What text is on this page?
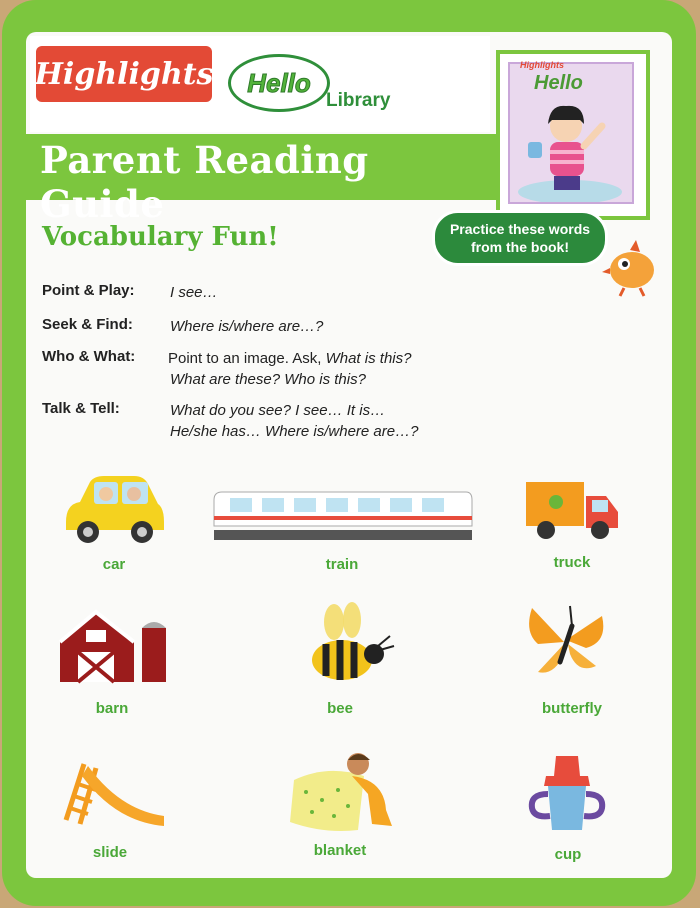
Highlights Hello
Library
Parent Reading Guide
Highlights
Hello
Practice these words
from the book!
Vocabulary Fun!
Point & Play: I see…
Seek & Find: Where is/where are…?
Who & What: Point to an image. Ask, What is this?
What are these? Who is this?
Talk & Tell:	What do you see? I see… It is…
He/she has… Where is/where are…?
car	train	truck
barn	bee	butterfly
slide	blanket	cup
